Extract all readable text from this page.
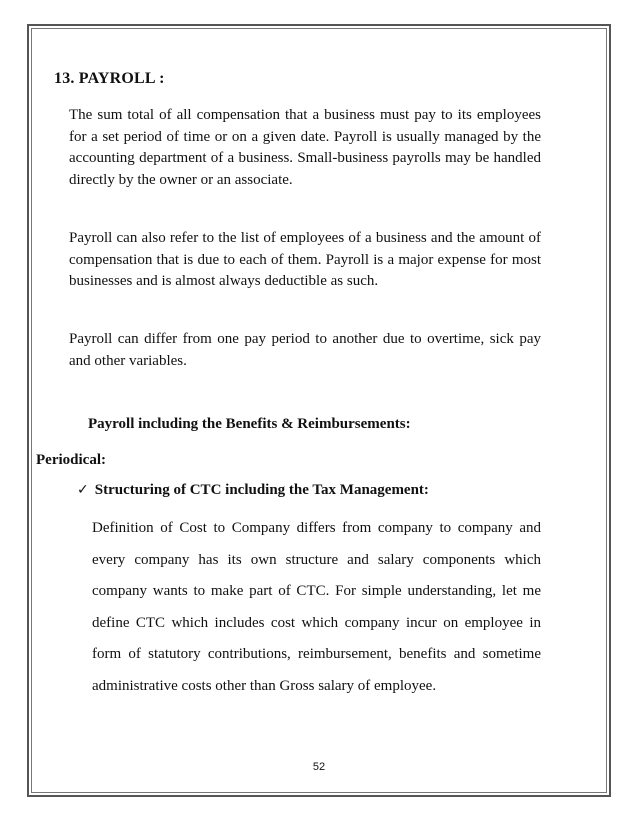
13. PAYROLL :

The sum total of all compensation that a business must pay to its employees for a set period of time or on a given date. Payroll is usually managed by the accounting department of a business. Small-business payrolls may be handled directly by the owner or an associate.

Payroll can also refer to the list of employees of a business and the amount of compensation that is due to each of them. Payroll is a major expense for most businesses and is almost always deductible as such.

Payroll can differ from one pay period to another due to overtime, sick pay and other variables.

Payroll including the Benefits & Reimbursements:
Periodical:
✓ Structuring of CTC including the Tax Management:

Definition of Cost to Company differs from company to company and every company has its own structure and salary components which company wants to make part of CTC. For simple understanding, let me define CTC which includes cost which company incur on employee in form of statutory contributions, reimbursement, benefits and sometime administrative costs other than Gross salary of employee.

52
